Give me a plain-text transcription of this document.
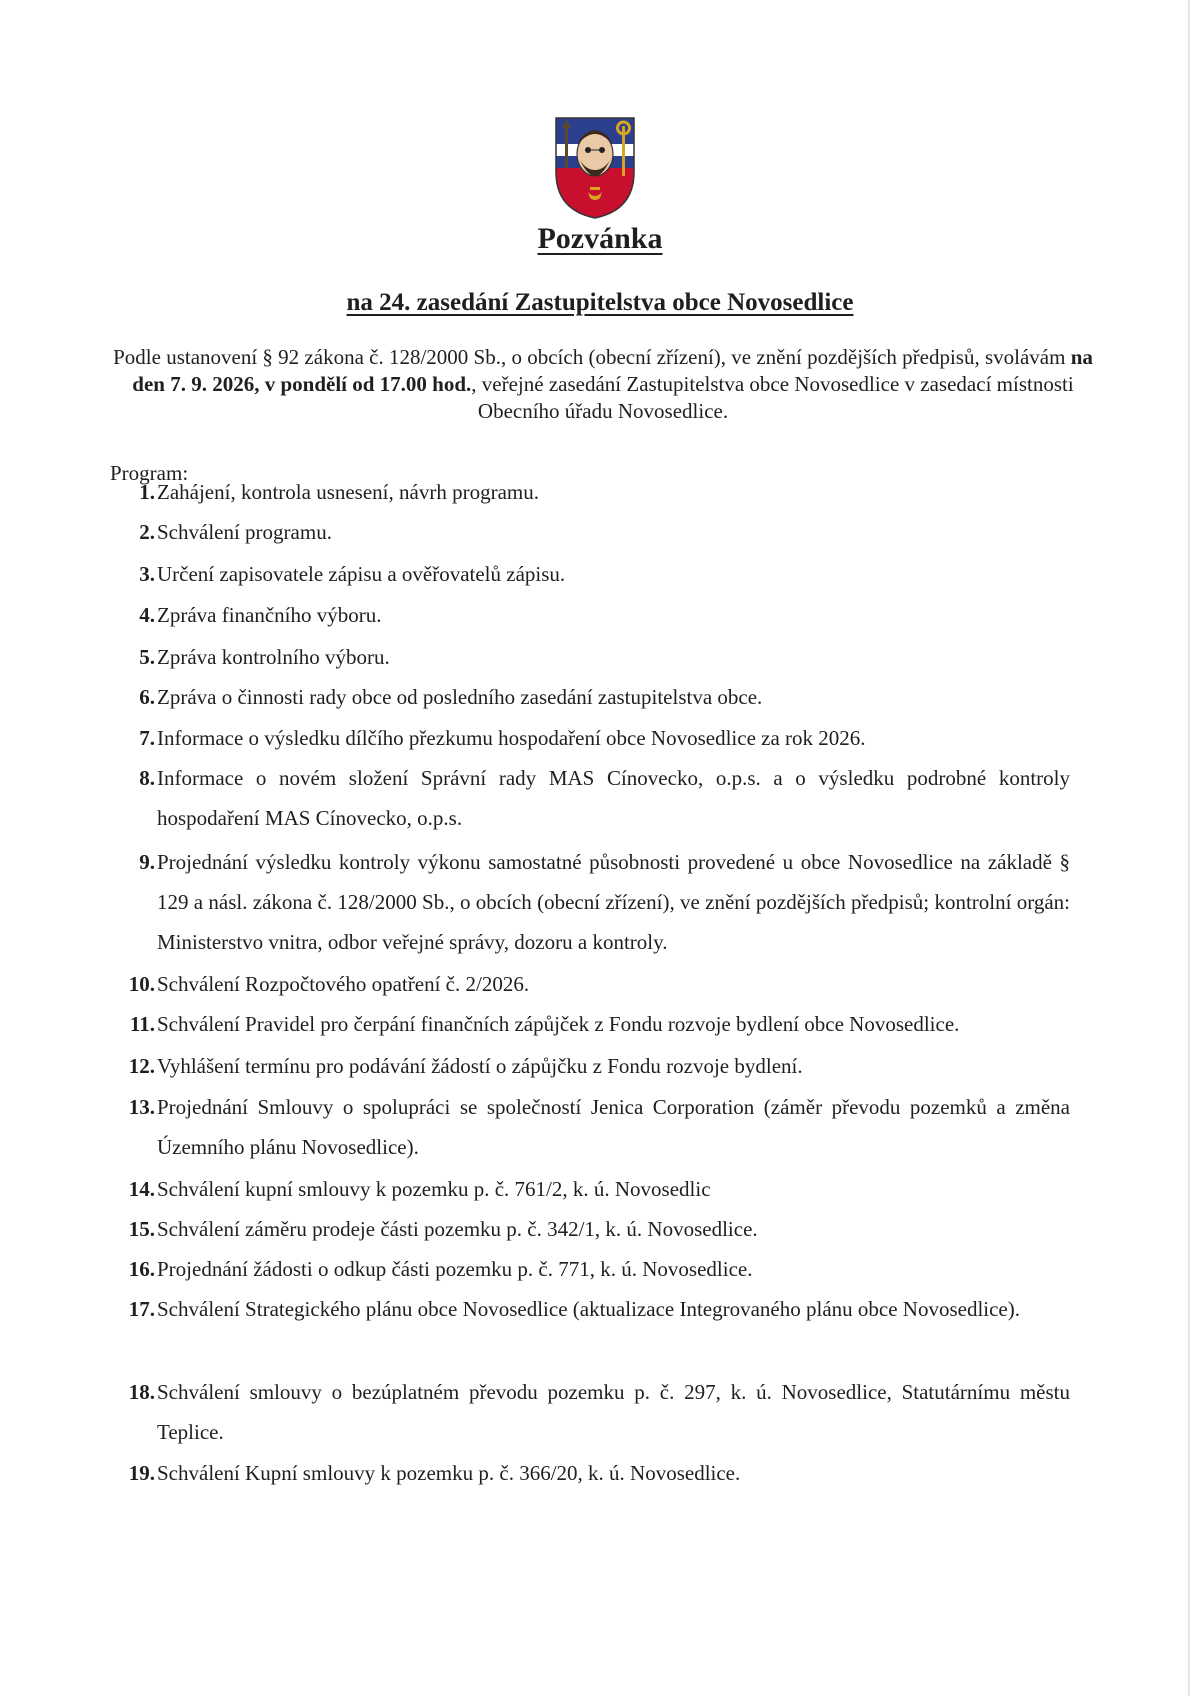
Pozvánka
na 24. zasedání Zastupitelstva obce Novosedlice

Podle ustanovení § 92 zákona č. 128/2000 Sb., o obcích (obecní zřízení), ve znění pozdějších předpisů, svolávám na den 7. 9. 2026, v pondělí od 17.00 hod., veřejné zasedání Zastupitelstva obce Novosedlice v zasedací místnosti Obecního úřadu Novosedlice.

Program:
1. Zahájení, kontrola usnesení, návrh programu.
2. Schválení programu.
3. Určení zapisovatele zápisu a ověřovatelů zápisu.
4. Zpráva finančního výboru.
5. Zpráva kontrolního výboru.
6. Zpráva o činnosti rady obce od posledního zasedání zastupitelstva obce.
7. Informace o výsledku dílčího přezkumu hospodaření obce Novosedlice za rok 2026.
8. Informace o novém složení Správní rady MAS Cínovecko, o.p.s. a o výsledku podrobné kontroly hospodaření MAS Cínovecko, o.p.s.
9. Projednání výsledku kontroly výkonu samostatné působnosti provedené u obce Novosedlice na základě § 129 a násl. zákona č. 128/2000 Sb., o obcích (obecní zřízení), ve znění pozdějších předpisů; kontrolní orgán: Ministerstvo vnitra, odbor veřejné správy, dozoru a kontroly.
10. Schválení Rozpočtového opatření č. 2/2026.
11. Schválení Pravidel pro čerpání finančních zápůjček z Fondu rozvoje bydlení obce Novosedlice.
12. Vyhlášení termínu pro podávání žádostí o zápůjčku z Fondu rozvoje bydlení.
13. Projednání Smlouvy o spolupráci se společností Jenica Corporation (záměr převodu pozemků a změna Územního plánu Novosedlice).
14. Schválení kupní smlouvy k pozemku p. č. 761/2, k. ú. Novosedlic
15. Schválení záměru prodeje části pozemku p. č. 342/1, k. ú. Novosedlice.
16. Projednání žádosti o odkup části pozemku p. č. 771, k. ú. Novosedlice.
17. Schválení Strategického plánu obce Novosedlice (aktualizace Integrovaného plánu obce Novosedlice).
18. Schválení smlouvy o bezúplatném převodu pozemku p. č. 297, k. ú. Novosedlice, Statutárnímu městu Teplice.
19. Schválení Kupní smlouvy k pozemku p. č. 366/20, k. ú. Novosedlice.
